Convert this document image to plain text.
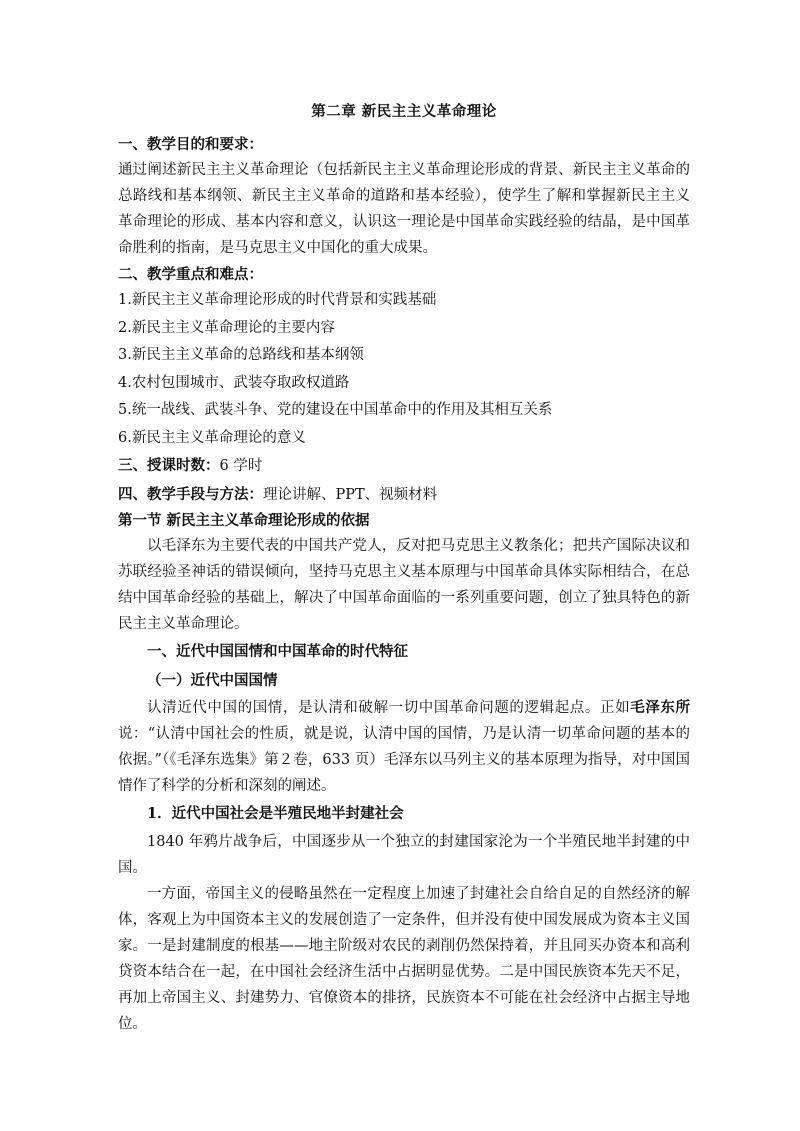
第二章 新民主主义革命理论

一、教学目的和要求：

通过阐述新民主主义革命理论（包括新民主主义革命理论形成的背景、新民主主义革命的总路线和基本纲领、新民主主义革命的道路和基本经验），使学生了解和掌握新民主主义革命理论的形成、基本内容和意义，认识这一理论是中国革命实践经验的结晶，是中国革命胜利的指南，是马克思主义中国化的重大成果。

二、教学重点和难点：

1.新民主主义革命理论形成的时代背景和实践基础

2.新民主主义革命理论的主要内容

3.新民主主义革命的总路线和基本纲领

4.农村包围城市、武装夺取政权道路

5.统一战线、武装斗争、党的建设在中国革命中的作用及其相互关系

6.新民主主义革命理论的意义

三、授课时数：6 学时

四、教学手段与方法：理论讲解、PPT、视频材料

第一节 新民主主义革命理论形成的依据

以毛泽东为主要代表的中国共产党人，反对把马克思主义教条化；把共产国际决议和苏联经验圣神话的错误倾向，坚持马克思主义基本原理与中国革命具体实际相结合，在总结中国革命经验的基础上，解决了中国革命面临的一系列重要问题，创立了独具特色的新民主主义革命理论。

一、近代中国国情和中国革命的时代特征

（一）近代中国国情

认清近代中国的国情，是认清和破解一切中国革命问题的逻辑起点。正如毛泽东所说：“认清中国社会的性质，就是说，认清中国的国情，乃是认清一切革命问题的基本的依据。”（《毛泽东选集》第２卷，633 页）毛泽东以马列主义的基本原理为指导，对中国国情作了科学的分析和深刻的阐述。

1．近代中国社会是半殖民地半封建社会

1840 年鸦片战争后，中国逐步从一个独立的封建国家沦为一个半殖民地半封建的中国。

一方面，帝国主义的侵略虽然在一定程度上加速了封建社会自给自足的自然经济的解体，客观上为中国资本主义的发展创造了一定条件，但并没有使中国发展成为资本主义国家。一是封建制度的根基——地主阶级对农民的剥削仍然保持着，并且同买办资本和高利贷资本结合在一起，在中国社会经济生活中占据明显优势。二是中国民族资本先天不足，再加上帝国主义、封建势力、官僚资本的排挤，民族资本不可能在社会经济中占据主导地位。
